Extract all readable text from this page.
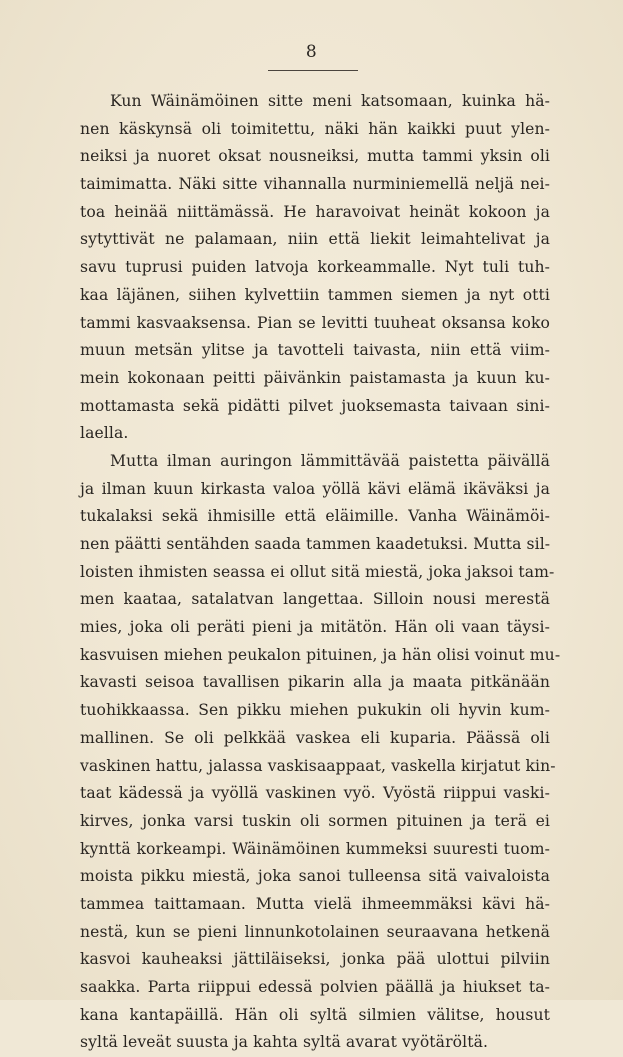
8
Kun Wäinämöinen sitte meni katsomaan, kuinka hä-
nen käskynsä oli toimitettu, näki hän kaikki puut ylen-
neiksi ja nuoret oksat nousneiksi, mutta tammi yksin oli
taimimatta. Näki sitte vihannalla nurminiemellä neljä nei-
toa heinää niittämässä. He haravoivat heinät kokoon ja
sytyttivät ne palamaan, niin että liekit leimahtelivat ja
savu tuprusi puiden latvoja korkeammalle. Nyt tuli tuh-
kaa läjänen, siihen kylvettiin tammen siemen ja nyt otti
tammi kasvaaksensa. Pian se levitti tuuheat oksansa koko
muun metsän ylitse ja tavotteli taivasta, niin että viim-
mein kokonaan peitti päivänkin paistamasta ja kuun ku-
mottamasta sekä pidätti pilvet juoksemasta taivaan sini-
laella.
Mutta ilman auringon lämmittävää paistetta päivällä
ja ilman kuun kirkasta valoa yöllä kävi elämä ikäväksi ja
tukalaksi sekä ihmisille että eläimille. Vanha Wäinämöi-
nen päätti sentähden saada tammen kaadetuksi. Mutta sil-
loisten ihmisten seassa ei ollut sitä miestä, joka jaksoi tam-
men kaataa, satalatvan langettaa. Silloin nousi merestä
mies, joka oli peräti pieni ja mitätön. Hän oli vaan täysi-
kasvuisen miehen peukalon pituinen, ja hän olisi voinut mu-
kavasti seisoa tavallisen pikarin alla ja maata pitkänään
tuohikkaassa. Sen pikku miehen pukukin oli hyvin kum-
mallinen. Se oli pelkkää vaskea eli kuparia. Päässä oli
vaskinen hattu, jalassa vaskisaappaat, vaskella kirjatut kin-
taat kädessä ja vyöllä vaskinen vyö. Vyöstä riippui vaski-
kirves, jonka varsi tuskin oli sormen pituinen ja terä ei
kynttä korkeampi. Wäinämöinen kummeksi suuresti tuom-
moista pikku miestä, joka sanoi tulleensa sitä vaivaloista
tammea taittamaan. Mutta vielä ihmeemmäksi kävi hä-
nestä, kun se pieni linnunkotolainen seuraavana hetkenä
kasvoi kauheaksi jättiläiseksi, jonka pää ulottui pilviin
saakka. Parta riippui edessä polvien päällä ja hiukset ta-
kana kantapäillä. Hän oli syltä silmien välitse, housut
syltä leveät suusta ja kahta syltä avarat vyötäröltä.
